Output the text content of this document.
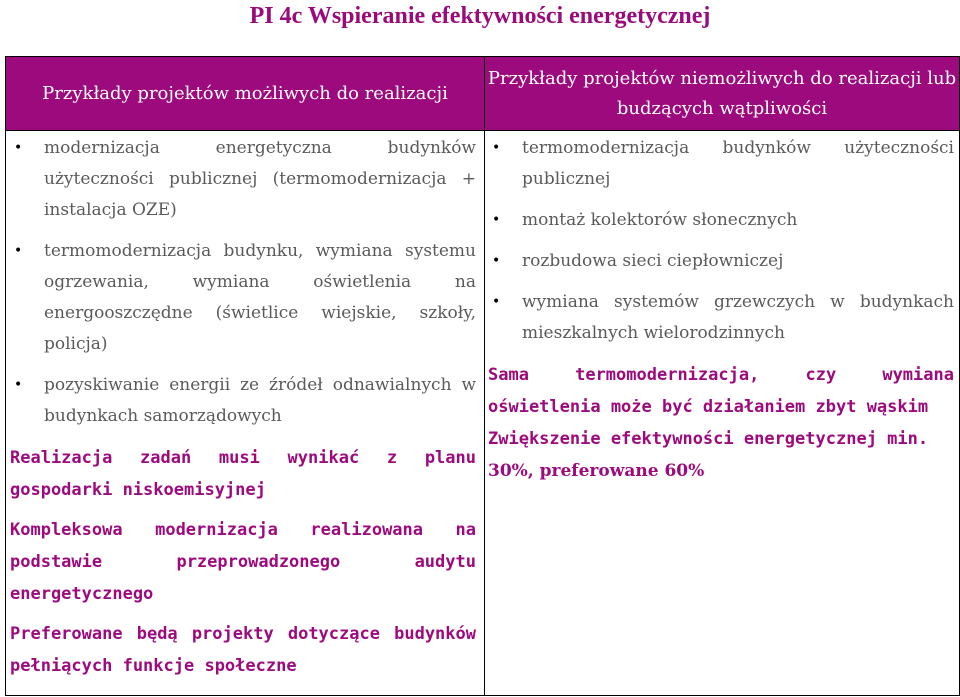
PI 4c Wspieranie efektywności energetycznej
Przykłady projektów możliwych do realizacji
Przykłady projektów niemożliwych do realizacji lub budzących wątpliwości
• modernizacja energetyczna budynków użyteczności publicznej (termomodernizacja + instalacja OZE)
• termomodernizacja budynku, wymiana systemu ogrzewania, wymiana oświetlenia na energooszczędne (świetlice wiejskie, szkoły, policja)
• pozyskiwanie energii ze źródeł odnawialnych w budynkach samorządowych

Realizacja zadań musi wynikać z planu gospodarki niskoemisyjnej

Kompleksowa modernizacja realizowana na podstawie przeprowadzonego audytu energetycznego

Preferowane będą projekty dotyczące budynków pełniących funkcje społeczne

• termomodernizacja budynków użyteczności publicznej
• montaż kolektorów słonecznych
• rozbudowa sieci ciepłowniczej
• wymiana systemów grzewczych w budynkach mieszkalnych wielorodzinnych

Sama termomodernizacja, czy wymiana oświetlenia może być działaniem zbyt wąskim

Zwiększenie efektywności energetycznej min.

30%, preferowane 60%
